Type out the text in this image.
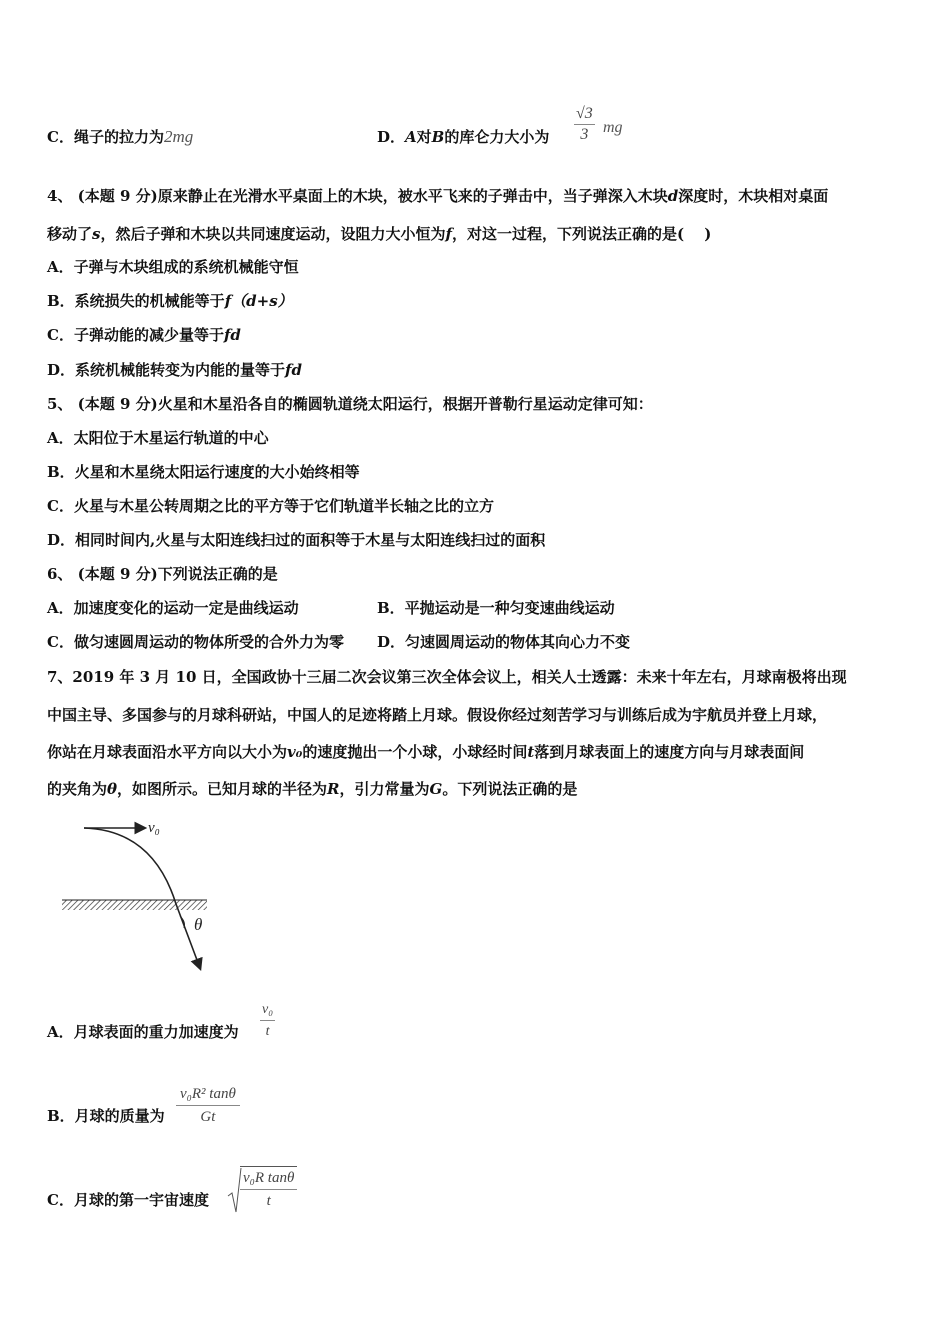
C．绳子的拉力为2mg	D．A对B的库仑力大小为 $\frac{√3}{3}$ mg
4、 (本题 9 分)原来静止在光滑水平桌面上的木块，被水平飞来的子弹击中，当子弹深入木块d深度时，木块相对桌面
移动了s，然后子弹和木块以共同速度运动，设阻力大小恒为f，对这一过程，下列说法正确的是(　 )
A．子弹与木块组成的系统机械能守恒
B．系统损失的机械能等于f（d+s）
C．子弹动能的减少量等于fd
D．系统机械能转变为内能的量等于fd
5、 (本题 9 分)火星和木星沿各自的椭圆轨道绕太阳运行，根据开普勒行星运动定律可知：
A．太阳位于木星运行轨道的中心
B．火星和木星绕太阳运行速度的大小始终相等
C．火星与木星公转周期之比的平方等于它们轨道半长轴之比的立方
D．相同时间内,火星与太阳连线扫过的面积等于木星与太阳连线扫过的面积
6、 (本题 9 分)下列说法正确的是
A．加速度变化的运动一定是曲线运动	B．平抛运动是一种匀变速曲线运动
C．做匀速圆周运动的物体所受的合外力为零 D．匀速圆周运动的物体其向心力不变
7、2019 年 3 月 10 日，全国政协十三届二次会议第三次全体会议上，相关人士透露：未来十年左右，月球南极将出现
中国主导、多国参与的月球科研站，中国人的足迹将踏上月球。假设你经过刻苦学习与训练后成为宇航员并登上月球，
你站在月球表面沿水平方向以大小为v₀的速度抛出一个小球，小球经时间t落到月球表面上的速度方向与月球表面间
的夹角为θ，如图所示。已知月球的半径为R，引力常量为G。下列说法正确的是
v₀
θ
A．月球表面的重力加速度为 $\frac{\text{v₀}}{t}$
B．月球的质量为 $\frac{\text{v₀R² tanθ}}{Gt}$
C．月球的第一宇宙速度 $\frac{\text{v₀R tanθ}}{t}$
